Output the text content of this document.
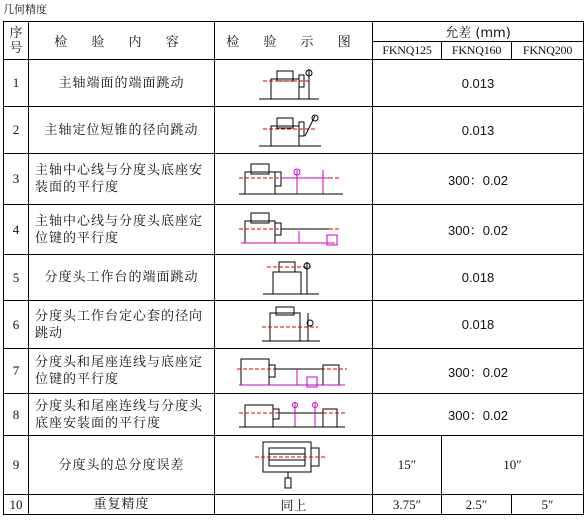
几何精度
序号	检 验 内 容	检 验 示 图	允差 (mm)		
			FKNQ125	FKNQ160	FKNQ200
1	主轴端面的端面跳动		0.013		
2	主轴定位短锥的径向跳动		0.013		
3	主轴中心线与分度头底座安装面的平行度		300：0.02		
4	主轴中心线与分度头底座定位键的平行度		300：0.02		
5	分度头工作台的端面跳动		0.018		
6	分度头工作台定心套的径向跳动		0.018		
7	分度头和尾座连线与底座定位键的平行度		300：0.02		
8	分度头和尾座连线与分度头底座安装面的平行度		300：0.02		
9	分度头的总分度误差		15″	10″	
10	重复精度	同上	3.75″	2.5″	5″
